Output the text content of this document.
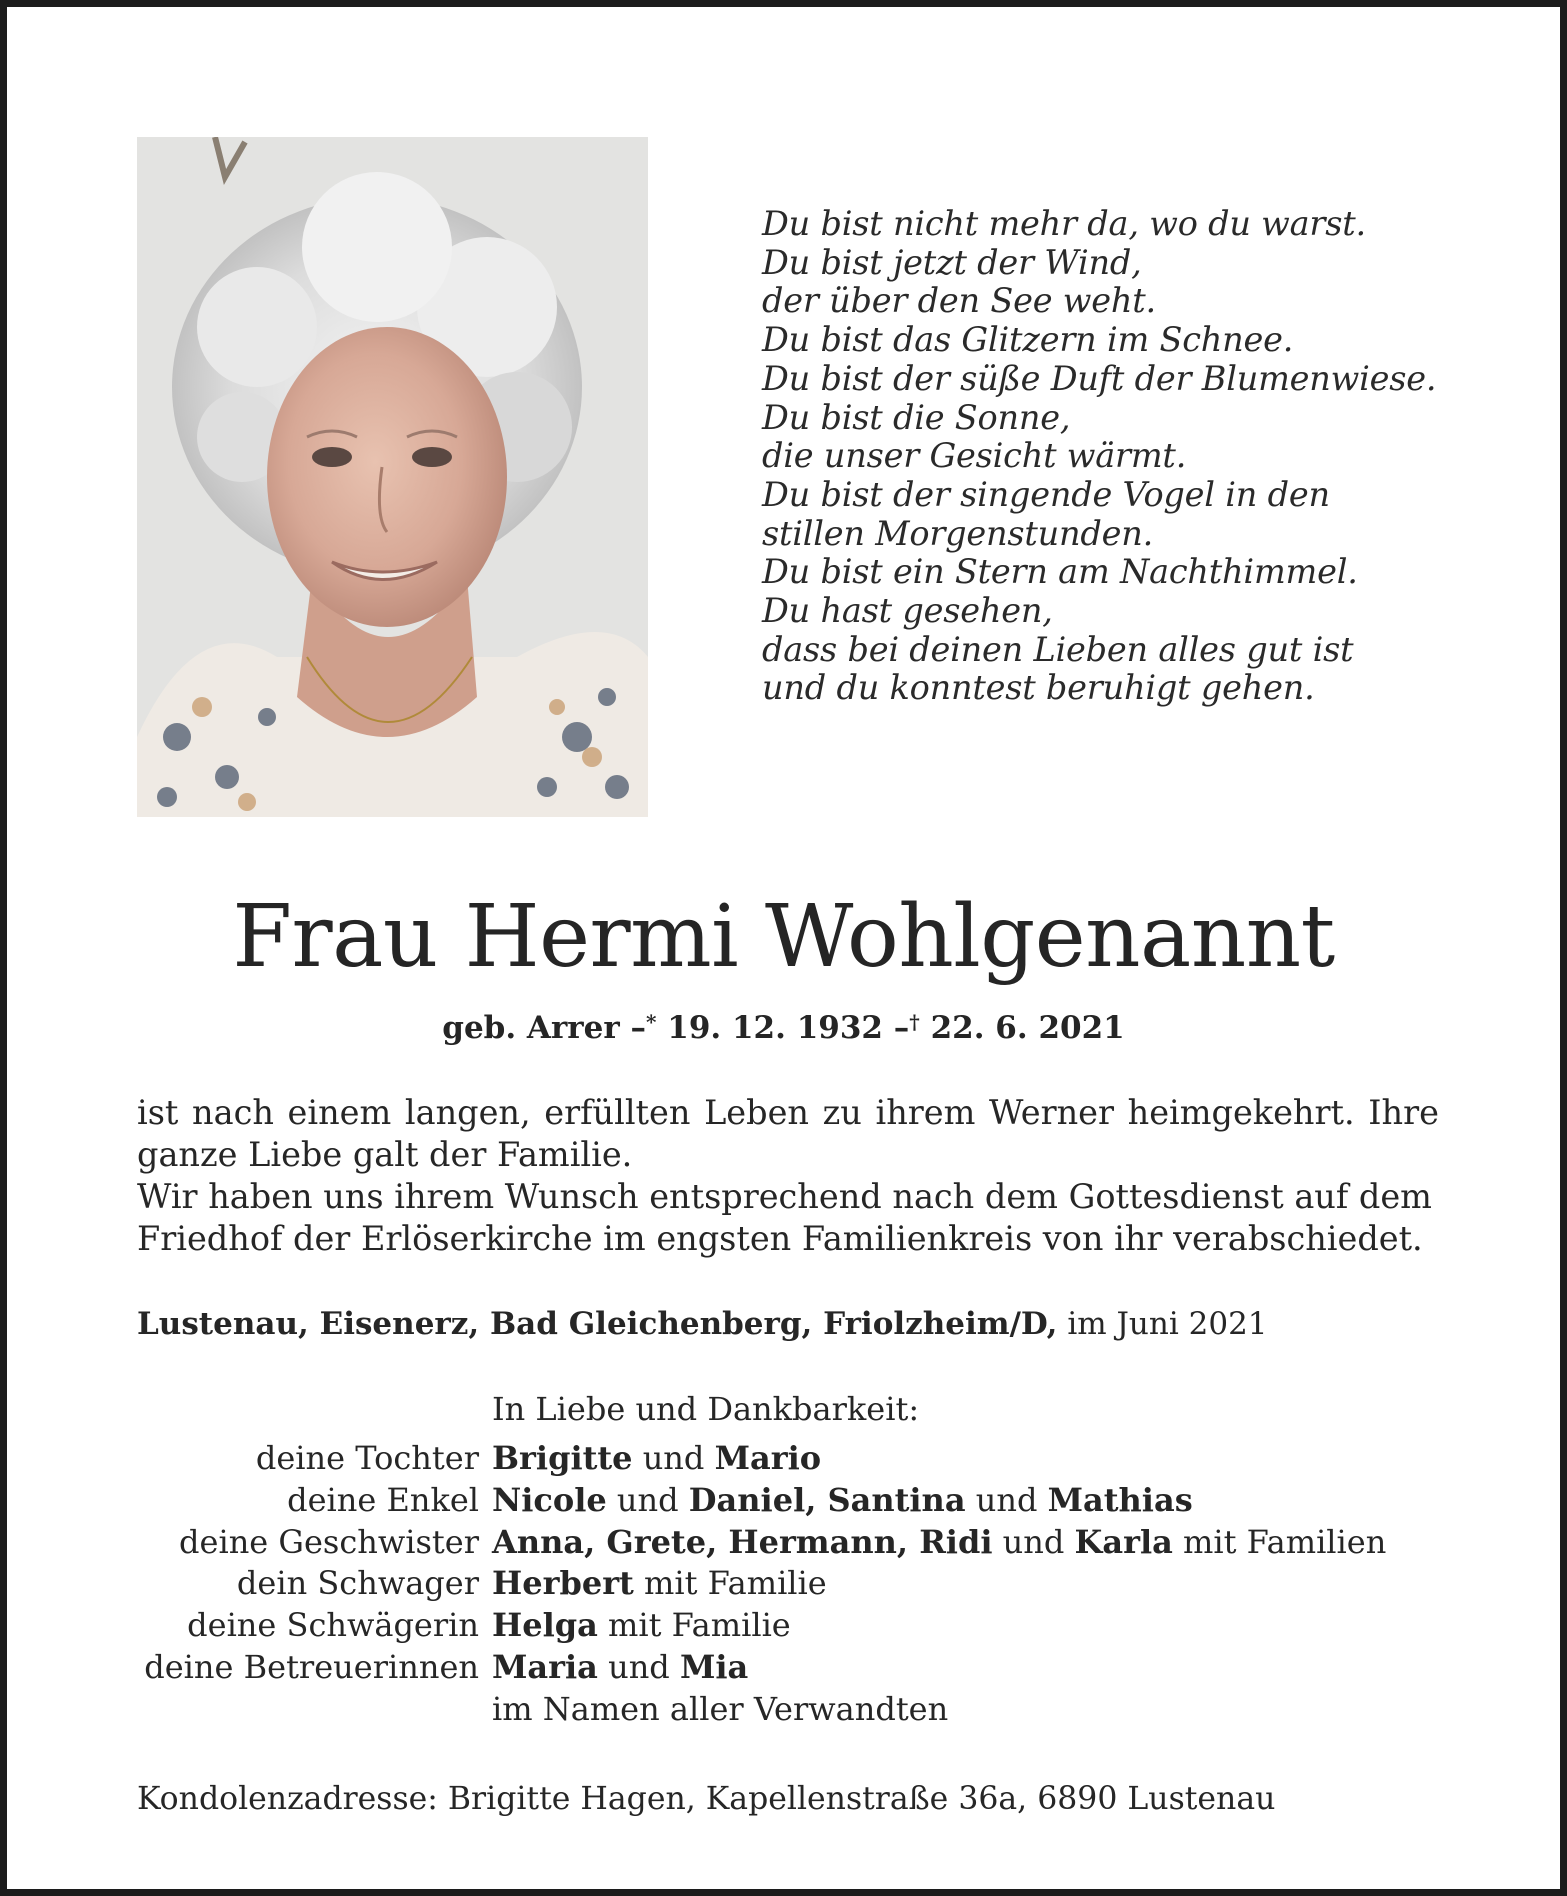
Du bist nicht mehr da, wo du warst.
Du bist jetzt der Wind,
der über den See weht.
Du bist das Glitzern im Schnee.
Du bist der süße Duft der Blumenwiese.
Du bist die Sonne,
die unser Gesicht wärmt.
Du bist der singende Vogel in den
stillen Morgenstunden.
Du bist ein Stern am Nachthimmel.
Du hast gesehen,
dass bei deinen Lieben alles gut ist
und du konntest beruhigt gehen.
Frau Hermi Wohlgenannt
geb. Arrer –* 19. 12. 1932 –† 22. 6. 2021
ist nach einem langen, erfüllten Leben zu ihrem Werner heimgekehrt. Ihre
ganze Liebe galt der Familie.
Wir haben uns ihrem Wunsch entsprechend nach dem Gottesdienst auf dem
Friedhof der Erlöserkirche im engsten Familienkreis von ihr verabschiedet.
Lustenau, Eisenerz, Bad Gleichenberg, Friolzheim/D, im Juni 2021
In Liebe und Dankbarkeit:
deine Tochter Brigitte und Mario
deine Enkel Nicole und Daniel, Santina und Mathias
deine Geschwister Anna, Grete, Hermann, Ridi und Karla mit Familien
dein Schwager Herbert mit Familie
deine Schwägerin Helga mit Familie
deine Betreuerinnen Maria und Mia
im Namen aller Verwandten
Kondolenzadresse: Brigitte Hagen, Kapellenstraße 36a, 6890 Lustenau
